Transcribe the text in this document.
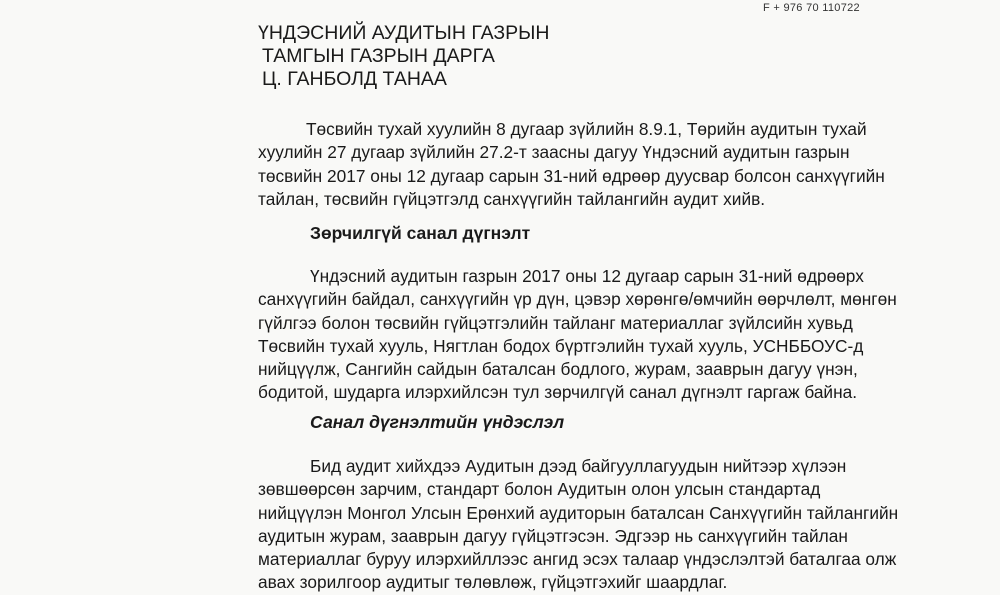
F + 976 70 110722
ҮНДЭСНИЙ АУДИТЫН ГАЗРЫН
ТАМГЫН ГАЗРЫН ДАРГА
Ц. ГАНБОЛД ТАНАА
Төсвийн тухай хуулийн 8 дугаар зүйлийн 8.9.1, Төрийн аудитын тухай
хуулийн 27 дугаар зүйлийн 27.2-т заасны дагуу Үндэсний аудитын газрын
төсвийн 2017 оны 12 дугаар сарын 31-ний өдрөөр дуусвар болсон санхүүгийн
тайлан, төсвийн гүйцэтгэлд санхүүгийн тайлангийн аудит хийв.
Зөрчилгүй санал дүгнэлт
Үндэсний аудитын газрын 2017 оны 12 дугаар сарын 31-ний өдрөөрх
санхүүгийн байдал, санхүүгийн үр дүн, цэвэр хөрөнгө/өмчийн өөрчлөлт, мөнгөн
гүйлгээ болон төсвийн гүйцэтгэлийн тайланг материаллаг зүйлсийн хувьд
Төсвийн тухай хууль, Нягтлан бодох бүртгэлийн тухай хууль, УСНББОУС-д
нийцүүлж, Сангийн сайдын баталсан бодлого, журам, зааврын дагуу үнэн,
бодитой, шударга илэрхийлсэн тул зөрчилгүй санал дүгнэлт гаргаж байна.
Санал дүгнэлтийн үндэслэл
Бид аудит хийхдээ Аудитын дээд байгууллагуудын нийтээр хүлээн
зөвшөөрсөн зарчим, стандарт болон Аудитын олон улсын стандартад
нийцүүлэн Монгол Улсын Ерөнхий аудиторын баталсан Санхүүгийн тайлангийн
аудитын журам, зааврын дагуу гүйцэтгэсэн. Эдгээр нь санхүүгийн тайлан
материаллаг буруу илэрхийллээс ангид эсэх талаар үндэслэлтэй баталгаа олж
авах зорилгоор аудитыг төлөвлөж, гүйцэтгэхийг шаардлаг.
